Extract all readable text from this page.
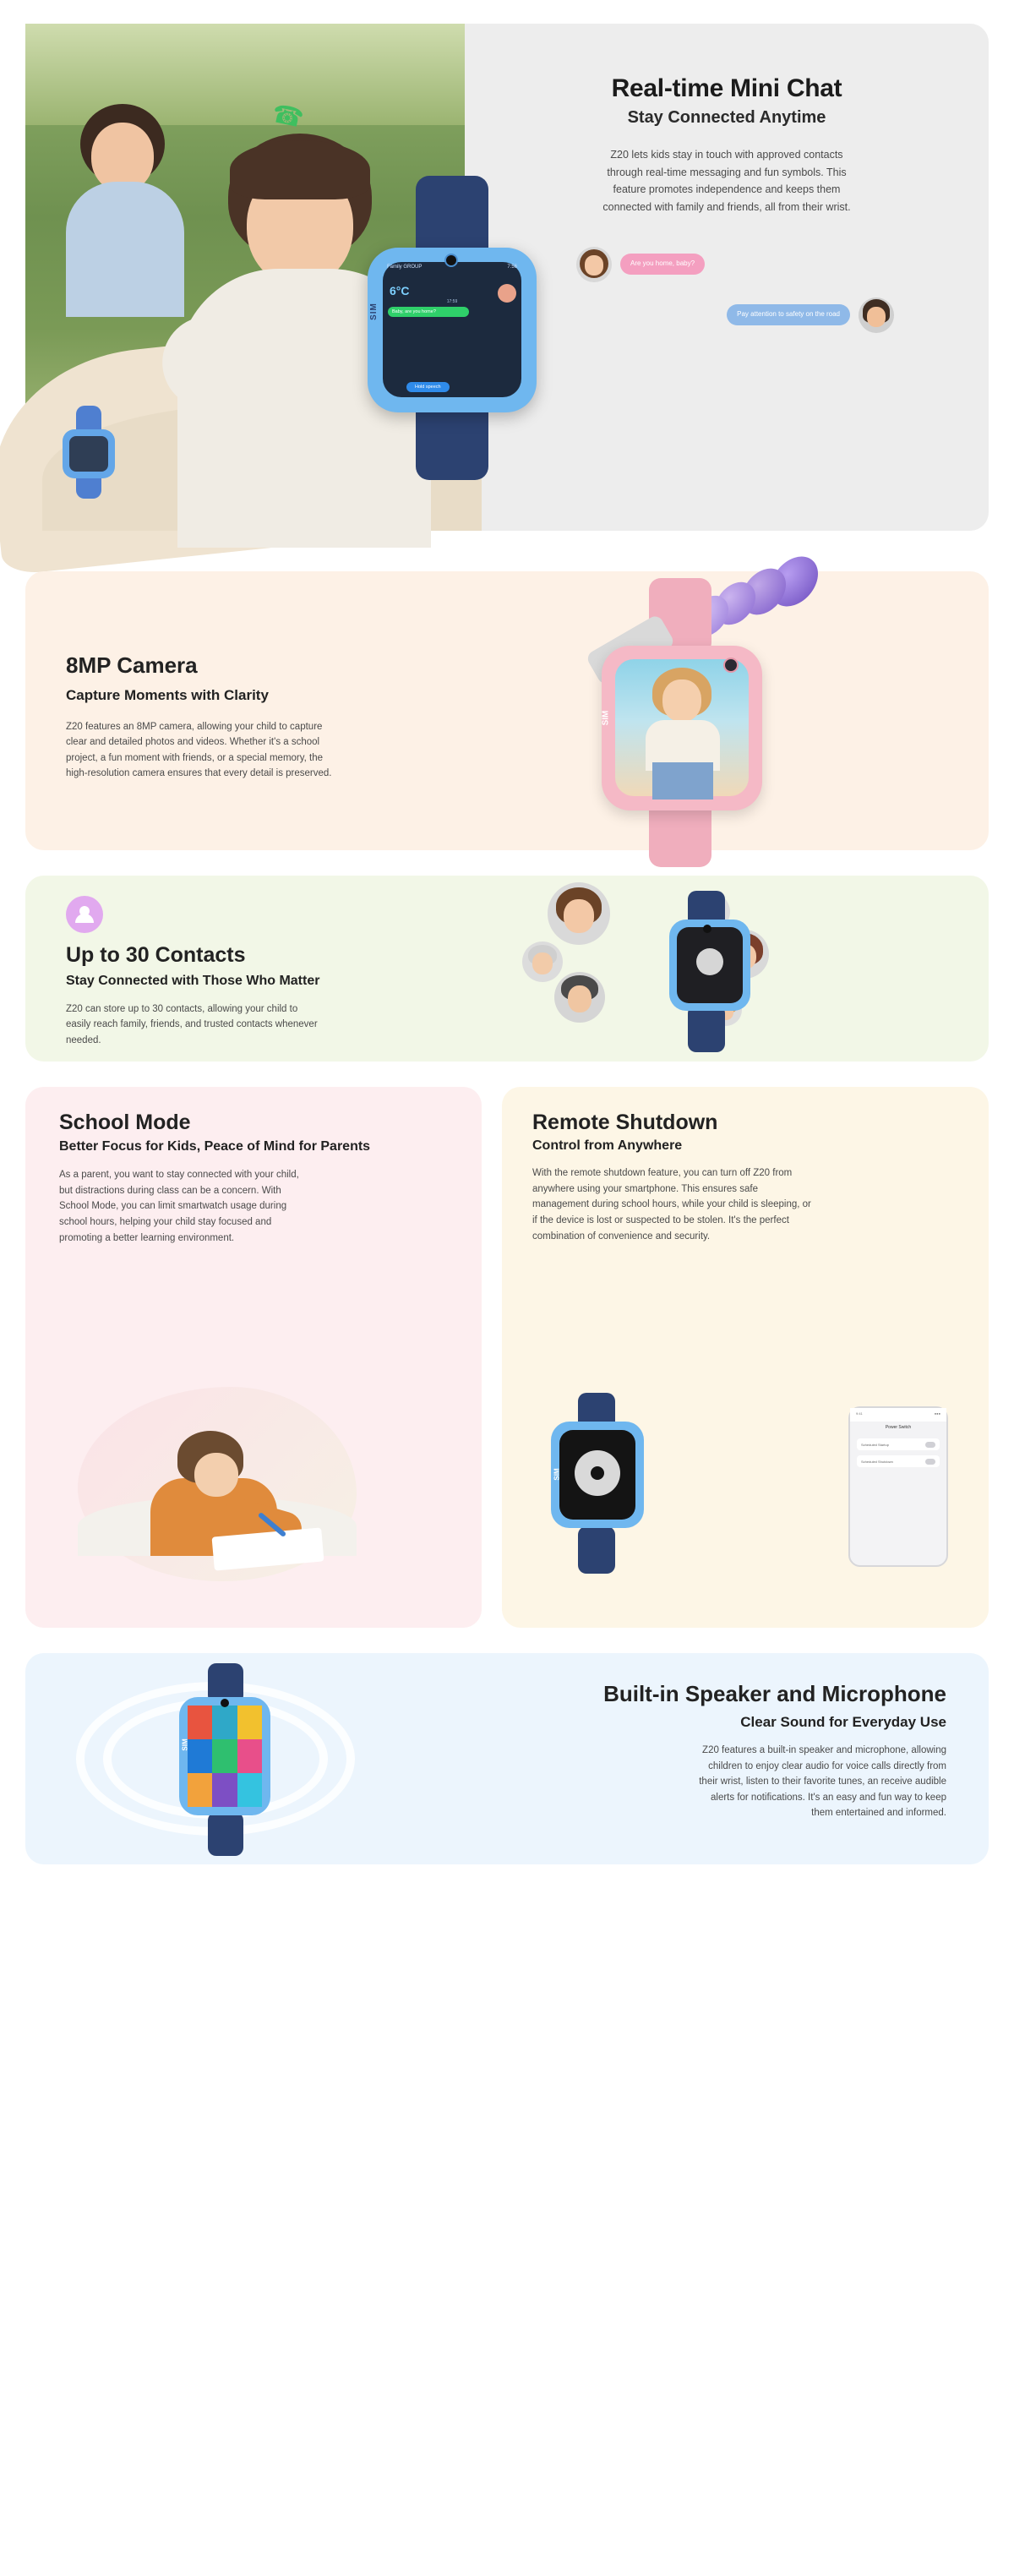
SIM
Family GROUP	7:56
6°C
17:59
Baby, are you home?
Hold speech
☎
Real-time Mini Chat
Stay Connected Anytime
Z20 lets kids stay in touch with approved contacts through real-time messaging and fun symbols. This feature promotes independence and keeps them connected with family and friends, all from their wrist.
Are you home, baby?
Pay attention to safety on the road
8MP Camera
Capture Moments with Clarity
Z20 features an 8MP camera, allowing your child to capture clear and detailed photos and videos. Whether it's a school project, a fun moment with friends, or a special memory, the high-resolution camera ensures that every detail is preserved.
SIM
Up to 30 Contacts
Stay Connected with Those Who Matter
Z20 can store up to 30 contacts, allowing your child to easily reach family, friends, and trusted contacts whenever needed.
School Mode
Better Focus for Kids, Peace of Mind for Parents
As a parent, you want to stay connected with your child, but distractions during class can be a concern. With School Mode, you can limit smartwatch usage during school hours, helping your child stay focused and promoting a better learning environment.
Remote Shutdown
Control from Anywhere
With the remote shutdown feature, you can turn off Z20 from anywhere using your smartphone. This ensures safe management during school hours, while your child is sleeping, or if the device is lost or suspected to be stolen. It's the perfect combination of convenience and security.
SIM
9:41	●●●
Power Switch
Scheduled Startup
Scheduled Shutdown
SIM
Built-in Speaker and Microphone
Clear Sound for Everyday Use
Z20 features a built-in speaker and microphone, allowing children to enjoy clear audio for voice calls directly from their wrist, listen to their favorite tunes, an receive audible alerts for notifications. It's an easy and fun way to keep them entertained and informed.
